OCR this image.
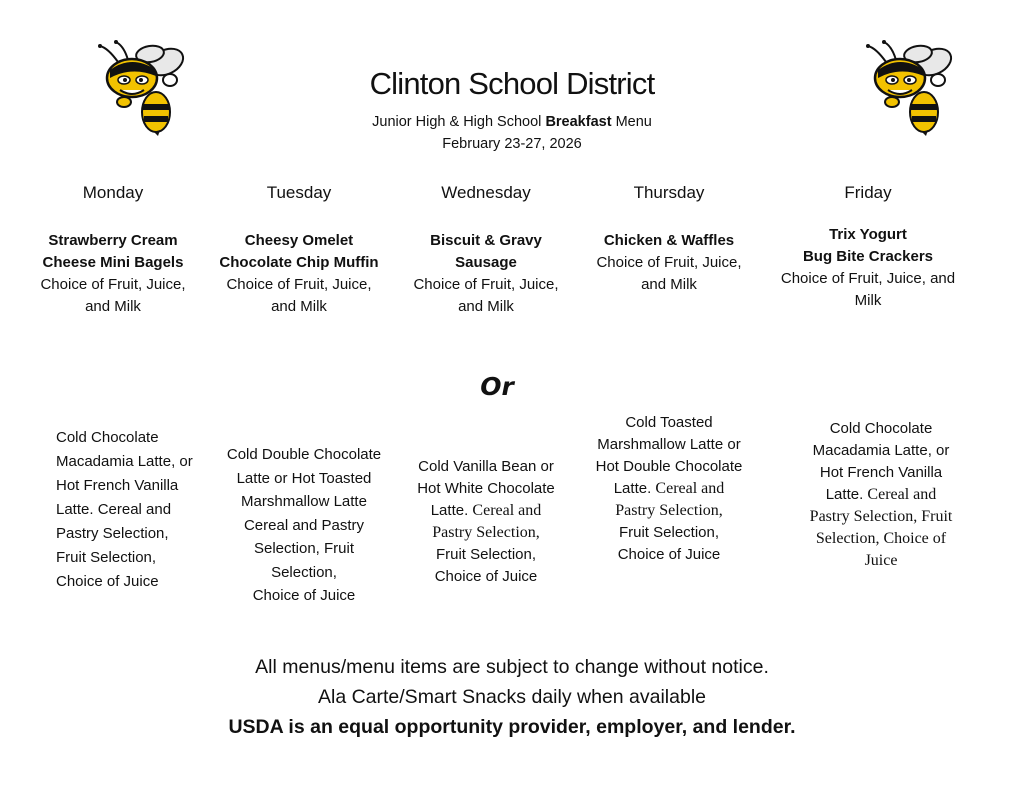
Clinton School District
Junior High & High School Breakfast Menu
February 23-27, 2026
Monday
Strawberry Cream
Cheese Mini Bagels
Choice of Fruit, Juice,
and Milk
Tuesday
Cheesy Omelet
Chocolate Chip Muffin
Choice of Fruit, Juice,
and Milk
Wednesday
Biscuit & Gravy
Sausage
Choice of Fruit, Juice,
and Milk
Thursday
Chicken & Waffles
Choice of Fruit, Juice,
and Milk
Friday
Trix Yogurt
Bug Bite Crackers
Choice of Fruit, Juice, and
Milk
Or
Cold Chocolate
Macadamia Latte, or
Hot French Vanilla
Latte. Cereal and
Pastry Selection,
Fruit Selection,
Choice of Juice
Cold Double Chocolate
Latte or Hot Toasted
Marshmallow Latte
Cereal and Pastry
Selection, Fruit
Selection,
Choice of Juice
Cold Vanilla Bean or
Hot White Chocolate
Latte. Cereal and
Pastry Selection,
Fruit Selection,
Choice of Juice
Cold Toasted
Marshmallow Latte or
Hot Double Chocolate
Latte. Cereal and
Pastry Selection,
Fruit Selection,
Choice of Juice
Cold Chocolate
Macadamia Latte, or
Hot French Vanilla
Latte. Cereal and
Pastry Selection, Fruit
Selection, Choice of
Juice
All menus/menu items are subject to change without notice.
Ala Carte/Smart Snacks daily when available
USDA is an equal opportunity provider, employer, and lender.
